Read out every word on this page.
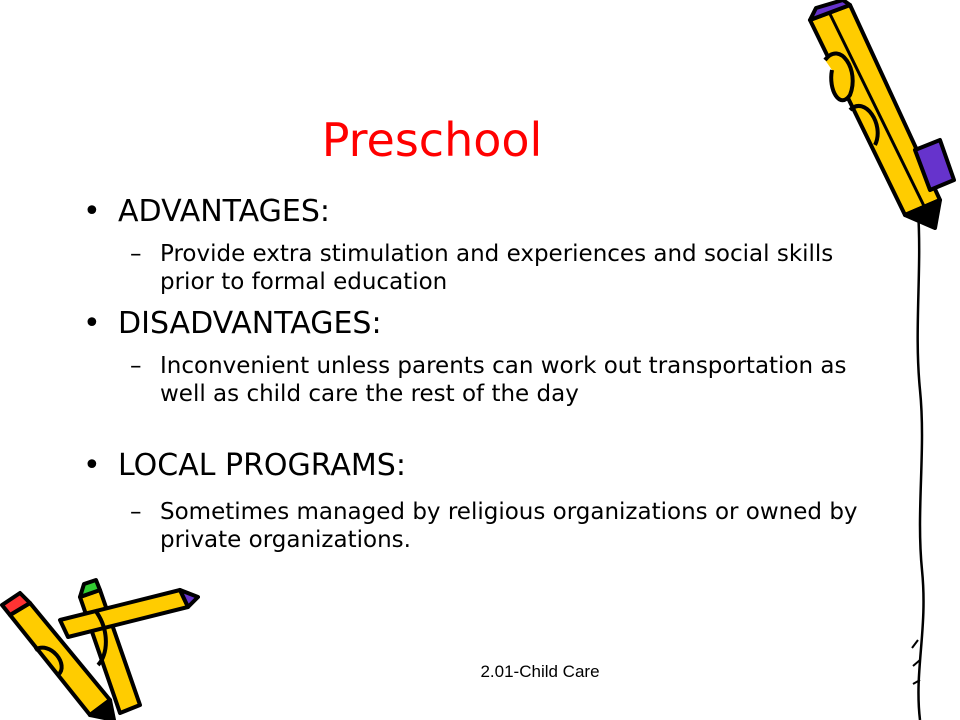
Preschool
• ADVANTAGES:
– Provide extra stimulation and experiences and social skills prior to formal education
• DISADVANTAGES:
– Inconvenient unless parents can work out transportation as well as child care the rest of the day
• LOCAL PROGRAMS:
– Sometimes managed by religious organizations or owned by private organizations.
2.01-Child Care
